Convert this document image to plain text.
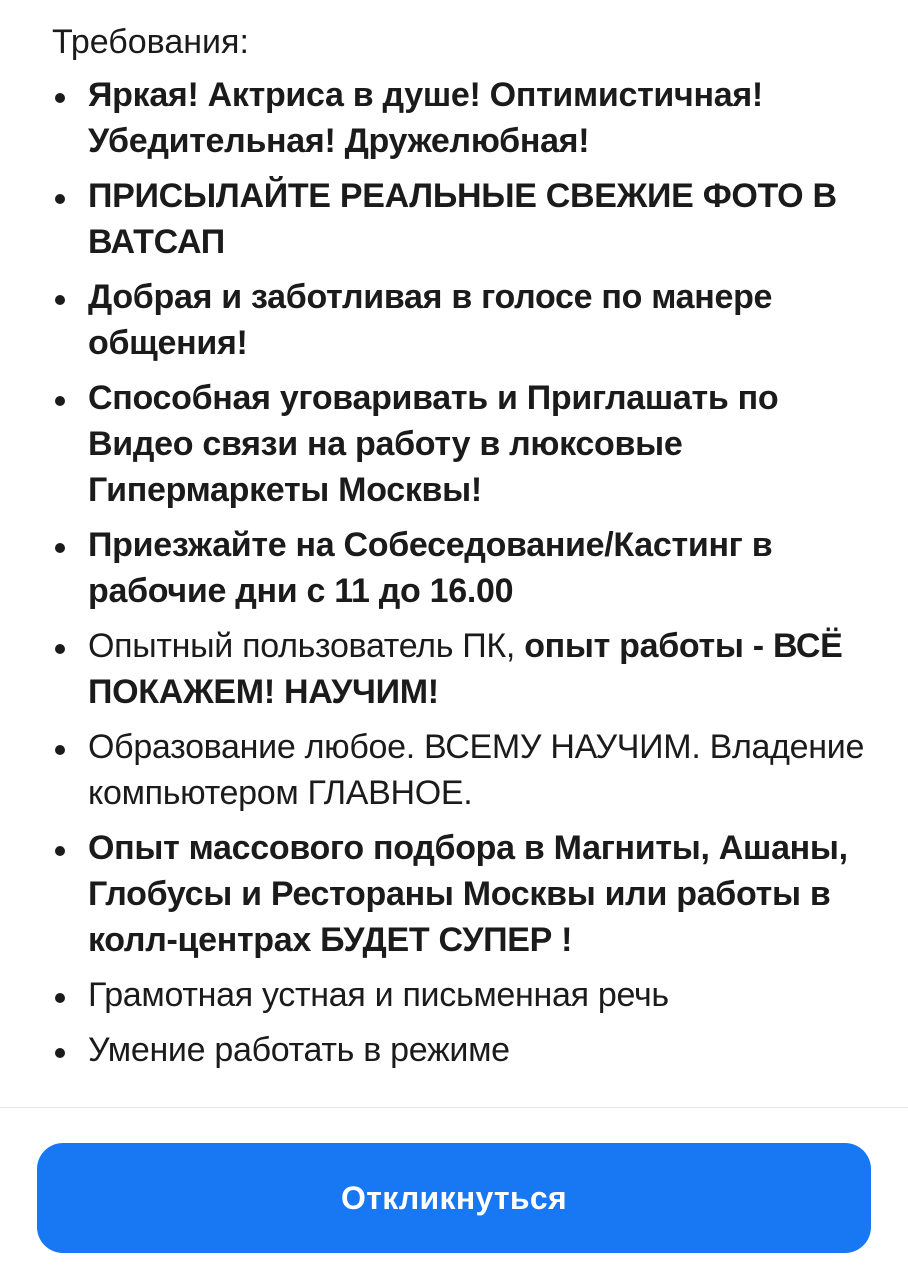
Требования:
Яркая! Актриса в душе! Оптимистичная! Убедительная! Дружелюбная!
ПРИСЫЛАЙТЕ РЕАЛЬНЫЕ СВЕЖИЕ ФОТО В ВАТСАП
Добрая и заботливая в голосе по манере общения!
Способная уговаривать и Приглашать по Видео связи на работу в люксовые Гипермаркеты Москвы!
Приезжайте на Собеседование/Кастинг в рабочие дни с 11 до 16.00
Опытный пользователь ПК, опыт работы - ВСЁ ПОКАЖЕМ! НАУЧИМ!
Образование любое. ВСЕМУ НАУЧИМ. Владение компьютером ГЛАВНОЕ.
Опыт массового подбора в Магниты, Ашаны, Глобусы и Рестораны Москвы или работы в колл-центрах БУДЕТ СУПЕР !
Грамотная устная и письменная речь
Умение работать в режиме
Откликнуться
